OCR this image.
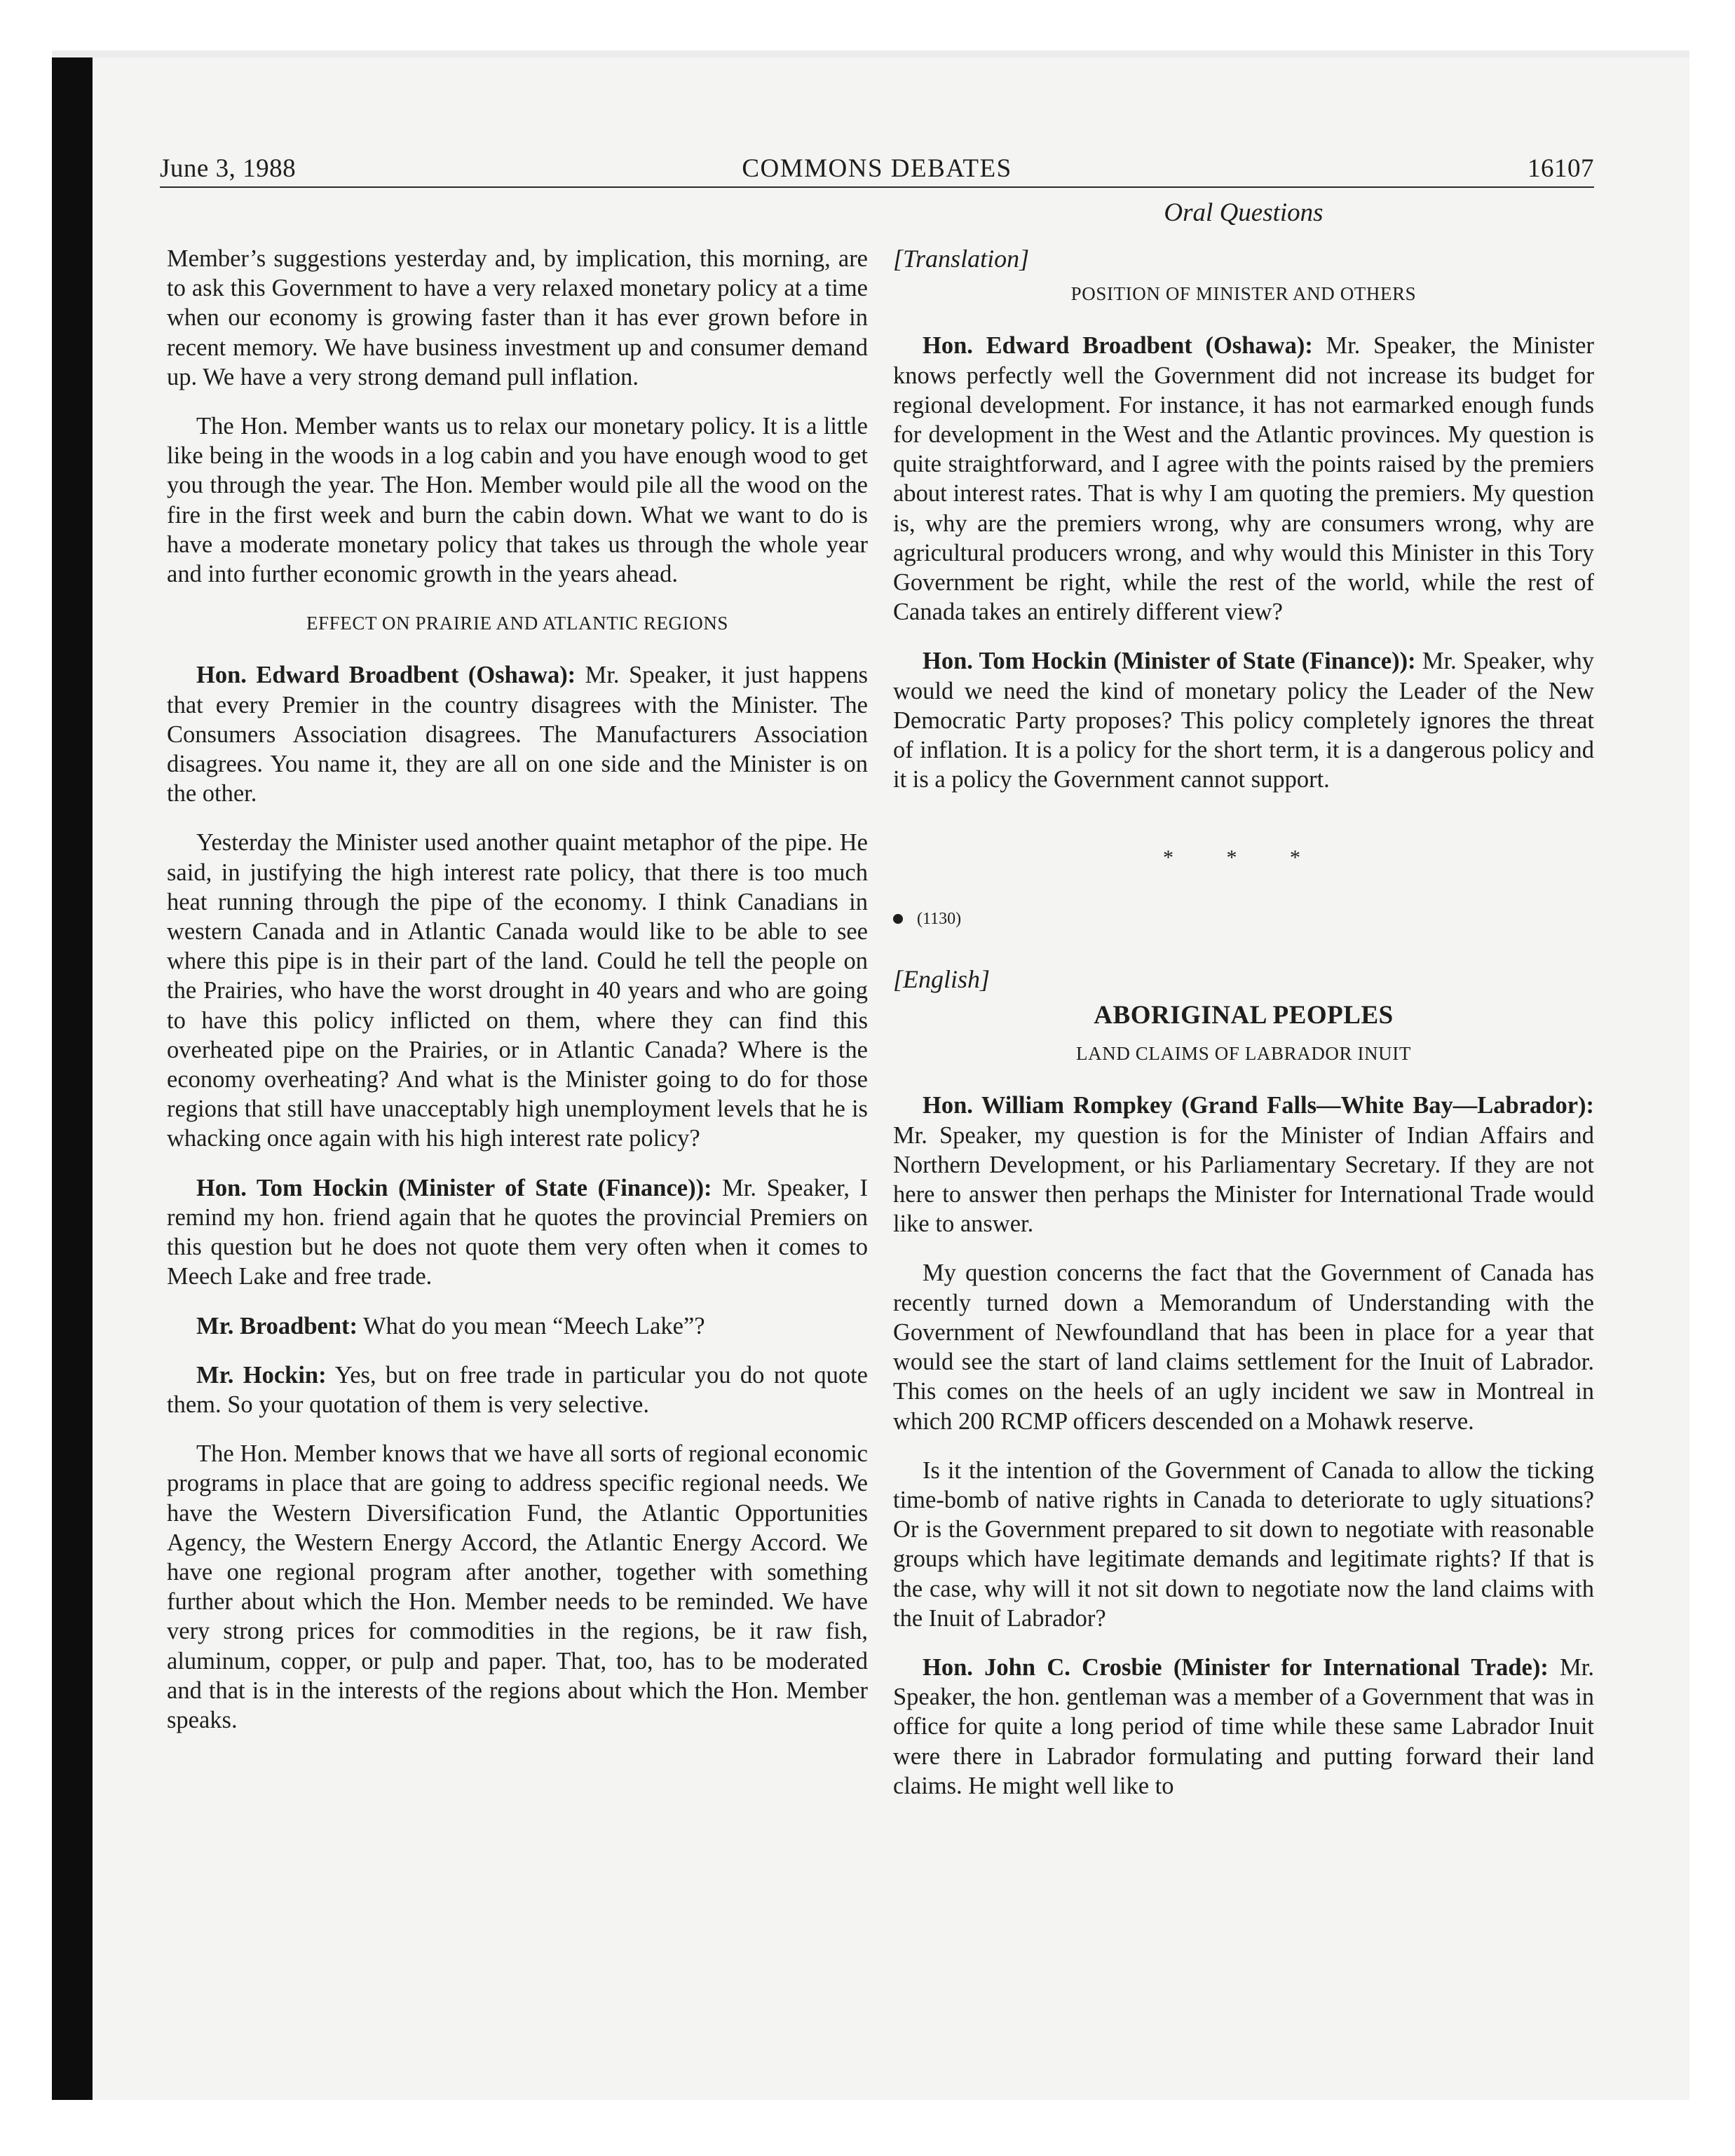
June 3, 1988	COMMONS DEBATES	16107
Oral Questions

Member’s suggestions yesterday and, by implication, this morning, are to ask this Government to have a very relaxed monetary policy at a time when our economy is growing faster than it has ever grown before in recent memory. We have business investment up and consumer demand up. We have a very strong demand pull inflation.

The Hon. Member wants us to relax our monetary policy. It is a little like being in the woods in a log cabin and you have enough wood to get you through the year. The Hon. Member would pile all the wood on the fire in the first week and burn the cabin down. What we want to do is have a moderate monetary policy that takes us through the whole year and into further economic growth in the years ahead.

EFFECT ON PRAIRIE AND ATLANTIC REGIONS

Hon. Edward Broadbent (Oshawa): Mr. Speaker, it just happens that every Premier in the country disagrees with the Minister. The Consumers Association disagrees. The Manufacturers Association disagrees. You name it, they are all on one side and the Minister is on the other.

Yesterday the Minister used another quaint metaphor of the pipe. He said, in justifying the high interest rate policy, that there is too much heat running through the pipe of the economy. I think Canadians in western Canada and in Atlantic Canada would like to be able to see where this pipe is in their part of the land. Could he tell the people on the Prairies, who have the worst drought in 40 years and who are going to have this policy inflicted on them, where they can find this overheated pipe on the Prairies, or in Atlantic Canada? Where is the economy overheating? And what is the Minister going to do for those regions that still have unacceptably high unemployment levels that he is whacking once again with his high interest rate policy?

Hon. Tom Hockin (Minister of State (Finance)): Mr. Speaker, I remind my hon. friend again that he quotes the provincial Premiers on this question but he does not quote them very often when it comes to Meech Lake and free trade.

Mr. Broadbent: What do you mean “Meech Lake”?

Mr. Hockin: Yes, but on free trade in particular you do not quote them. So your quotation of them is very selective.

The Hon. Member knows that we have all sorts of regional economic programs in place that are going to address specific regional needs. We have the Western Diversification Fund, the Atlantic Opportunities Agency, the Western Energy Accord, the Atlantic Energy Accord. We have one regional program after another, together with something further about which the Hon. Member needs to be reminded. We have very strong prices for commodities in the regions, be it raw fish, aluminum, copper, or pulp and paper. That, too, has to be moderated and that is in the interests of the regions about which the Hon. Member speaks.

[Translation]
POSITION OF MINISTER AND OTHERS

Hon. Edward Broadbent (Oshawa): Mr. Speaker, the Minister knows perfectly well the Government did not increase its budget for regional development. For instance, it has not earmarked enough funds for development in the West and the Atlantic provinces. My question is quite straightforward, and I agree with the points raised by the premiers about interest rates. That is why I am quoting the premiers. My question is, why are the premiers wrong, why are consumers wrong, why are agricultural producers wrong, and why would this Minister in this Tory Government be right, while the rest of the world, while the rest of Canada takes an entirely different view?

Hon. Tom Hockin (Minister of State (Finance)): Mr. Speaker, why would we need the kind of monetary policy the Leader of the New Democratic Party proposes? This policy completely ignores the threat of inflation. It is a policy for the short term, it is a dangerous policy and it is a policy the Government cannot support.

* * *
(1130)
[English]
ABORIGINAL PEOPLES
LAND CLAIMS OF LABRADOR INUIT

Hon. William Rompkey (Grand Falls—White Bay—Labrador): Mr. Speaker, my question is for the Minister of Indian Affairs and Northern Development, or his Parliamentary Secretary. If they are not here to answer then perhaps the Minister for International Trade would like to answer.

My question concerns the fact that the Government of Canada has recently turned down a Memorandum of Understanding with the Government of Newfoundland that has been in place for a year that would see the start of land claims settlement for the Inuit of Labrador. This comes on the heels of an ugly incident we saw in Montreal in which 200 RCMP officers descended on a Mohawk reserve.

Is it the intention of the Government of Canada to allow the ticking time-bomb of native rights in Canada to deteriorate to ugly situations? Or is the Government prepared to sit down to negotiate with reasonable groups which have legitimate demands and legitimate rights? If that is the case, why will it not sit down to negotiate now the land claims with the Inuit of Labrador?

Hon. John C. Crosbie (Minister for International Trade): Mr. Speaker, the hon. gentleman was a member of a Government that was in office for quite a long period of time while these same Labrador Inuit were there in Labrador formulating and putting forward their land claims. He might well like to
